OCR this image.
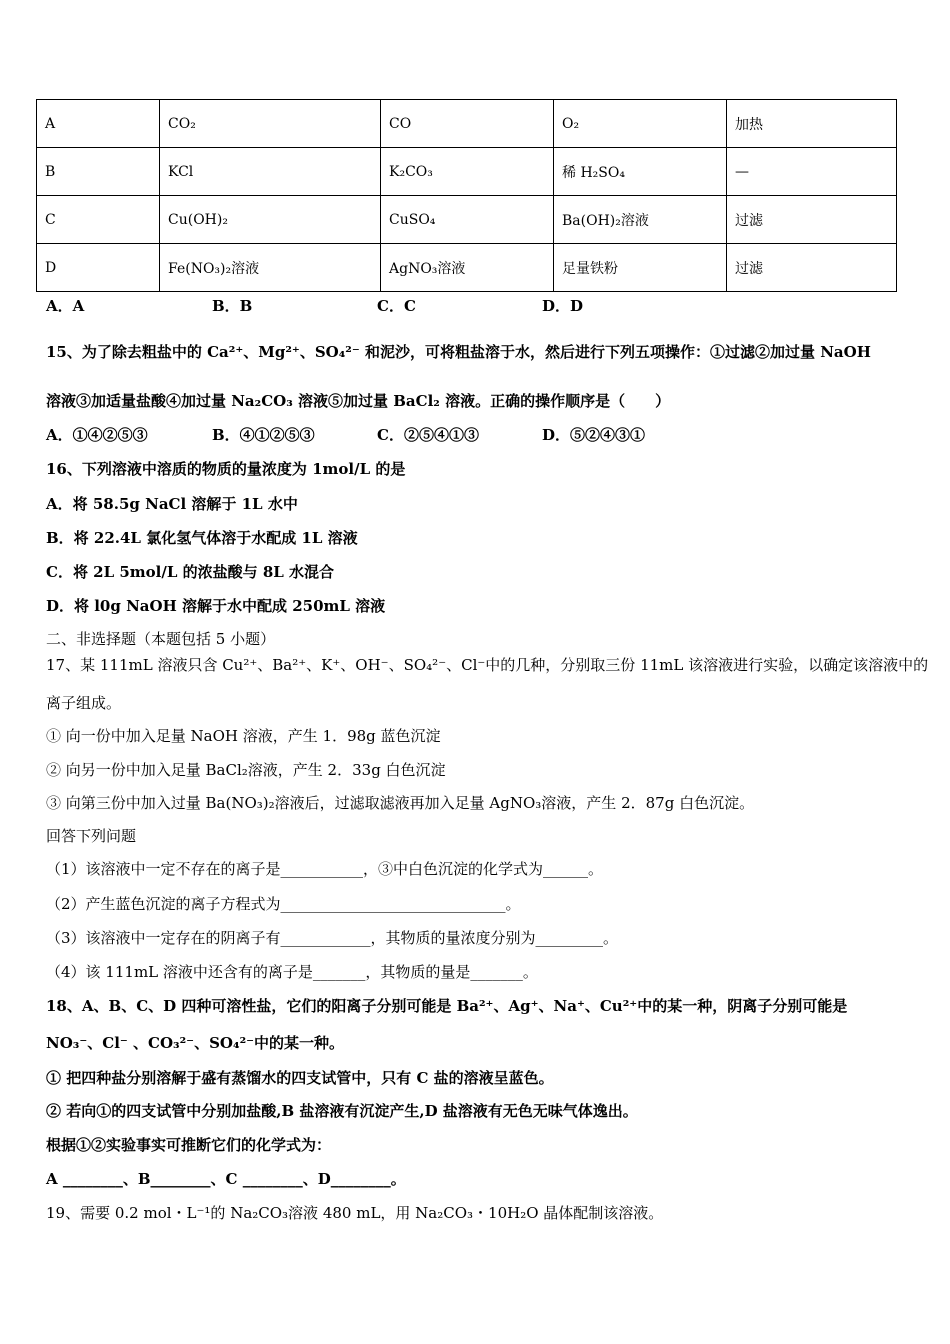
A	CO₂	CO	O₂	加热
B	KCl	K₂CO₃	稀 H₂SO₄	—
C	Cu(OH)₂	CuSO₄	Ba(OH)₂溶液	过滤
D	Fe(NO₃)₂溶液	AgNO₃溶液	足量铁粉	过滤
A．A	B．B	C．C	D．D
15、为了除去粗盐中的 Ca²⁺、Mg²⁺、SO₄²⁻ 和泥沙，可将粗盐溶于水，然后进行下列五项操作：①过滤②加过量 NaOH
溶液③加适量盐酸④加过量 Na₂CO₃ 溶液⑤加过量 BaCl₂ 溶液。正确的操作顺序是（　　）
A．①④②⑤③	B．④①②⑤③	C．②⑤④①③	D．⑤②④③①
16、下列溶液中溶质的物质的量浓度为 1mol/L 的是
A．将 58.5g NaCl 溶解于 1L 水中
B．将 22.4L 氯化氢气体溶于水配成 1L 溶液
C．将 2L 5mol/L 的浓盐酸与 8L 水混合
D．将 l0g NaOH 溶解于水中配成 250mL 溶液
二、非选择题（本题包括 5 小题）
17、某 111mL 溶液只含 Cu²⁺、Ba²⁺、K⁺、OH⁻、SO₄²⁻、Cl⁻中的几种，分别取三份 11mL 该溶液进行实验，以确定该溶液中的
离子组成。
① 向一份中加入足量 NaOH 溶液，产生 1．98g 蓝色沉淀
② 向另一份中加入足量 BaCl₂溶液，产生 2．33g 白色沉淀
③ 向第三份中加入过量 Ba(NO₃)₂溶液后，过滤取滤液再加入足量 AgNO₃溶液，产生 2．87g 白色沉淀。
回答下列问题
（1）该溶液中一定不存在的离子是___________，③中白色沉淀的化学式为______。
（2）产生蓝色沉淀的离子方程式为______________________________。
（3）该溶液中一定存在的阴离子有____________，其物质的量浓度分别为_________。
（4）该 111mL 溶液中还含有的离子是_______，其物质的量是_______。
18、A、B、C、D 四种可溶性盐，它们的阳离子分别可能是 Ba²⁺、Ag⁺、Na⁺、Cu²⁺中的某一种，阴离子分别可能是
NO₃⁻、Cl⁻ 、CO₃²⁻、SO₄²⁻中的某一种。
① 把四种盐分别溶解于盛有蒸馏水的四支试管中，只有 C 盐的溶液呈蓝色。
② 若向①的四支试管中分别加盐酸,B 盐溶液有沉淀产生,D 盐溶液有无色无味气体逸出。
根据①②实验事实可推断它们的化学式为：
A ________、B________、C ________、D________。
19、需要 0.2 mol・L⁻¹的 Na₂CO₃溶液 480 mL，用 Na₂CO₃・10H₂O 晶体配制该溶液。
